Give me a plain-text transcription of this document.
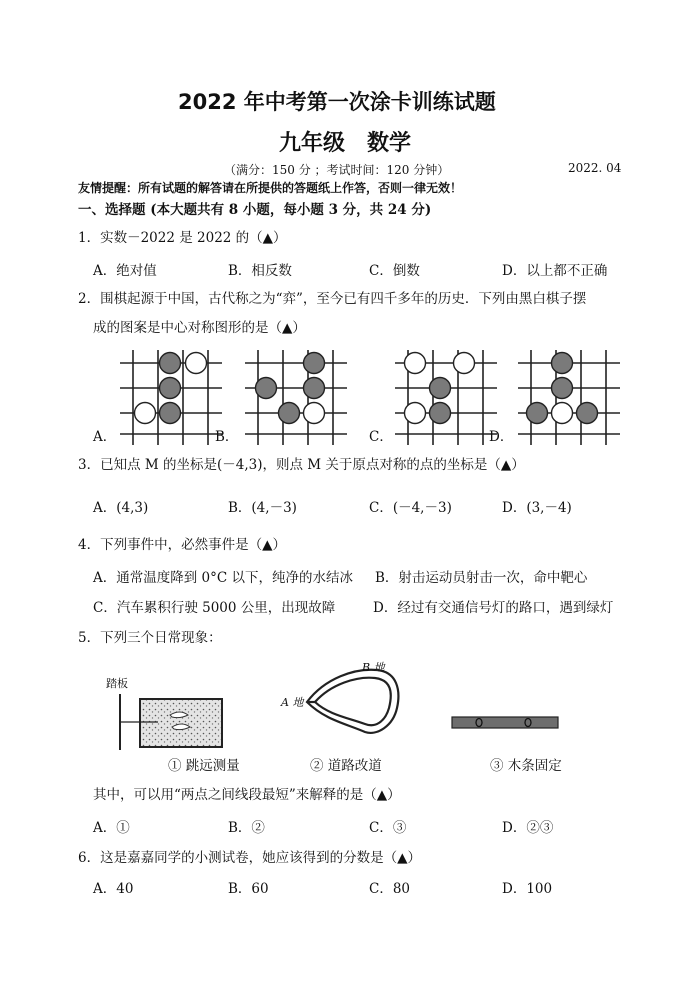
2022 年中考第一次涂卡训练试题
九年级　数学
（满分：150 分 ；考试时间：120 分钟）	2022. 04
友情提醒：所有试题的解答请在所提供的答题纸上作答，否则一律无效！
一、选择题 (本大题共有 8 小题，每小题 3 分，共 24 分)
1．实数－2022 是 2022 的（▲）
A．绝对值	B．相反数	C．倒数	D．以上都不正确
2．围棋起源于中国，古代称之为“弈”，至今已有四千多年的历史．下列由黑白棋子摆
成的图案是中心对称图形的是（▲）
A．	B．	C．	D．
3．已知点 M 的坐标是(－4,3)，则点 M 关于原点对称的点的坐标是（▲）
A．(4,3)	B．(4,－3)	C．(－4,－3)	D．(3,－4)
4．下列事件中，必然事件是（▲）
A．通常温度降到 0°C 以下，纯净的水结冰 B．射击运动员射击一次，命中靶心
C．汽车累积行驶 5000 公里，出现故障	D．经过有交通信号灯的路口，遇到绿灯
5．下列三个日常现象：
踏板
B 地
A 地
① 跳远测量	② 道路改道	③ 木条固定
其中，可以用“两点之间线段最短”来解释的是（▲）
A．①	B．②	C．③	D．②③
6．这是嘉嘉同学的小测试卷，她应该得到的分数是（▲）
A．40	B．60	C．80	D．100
